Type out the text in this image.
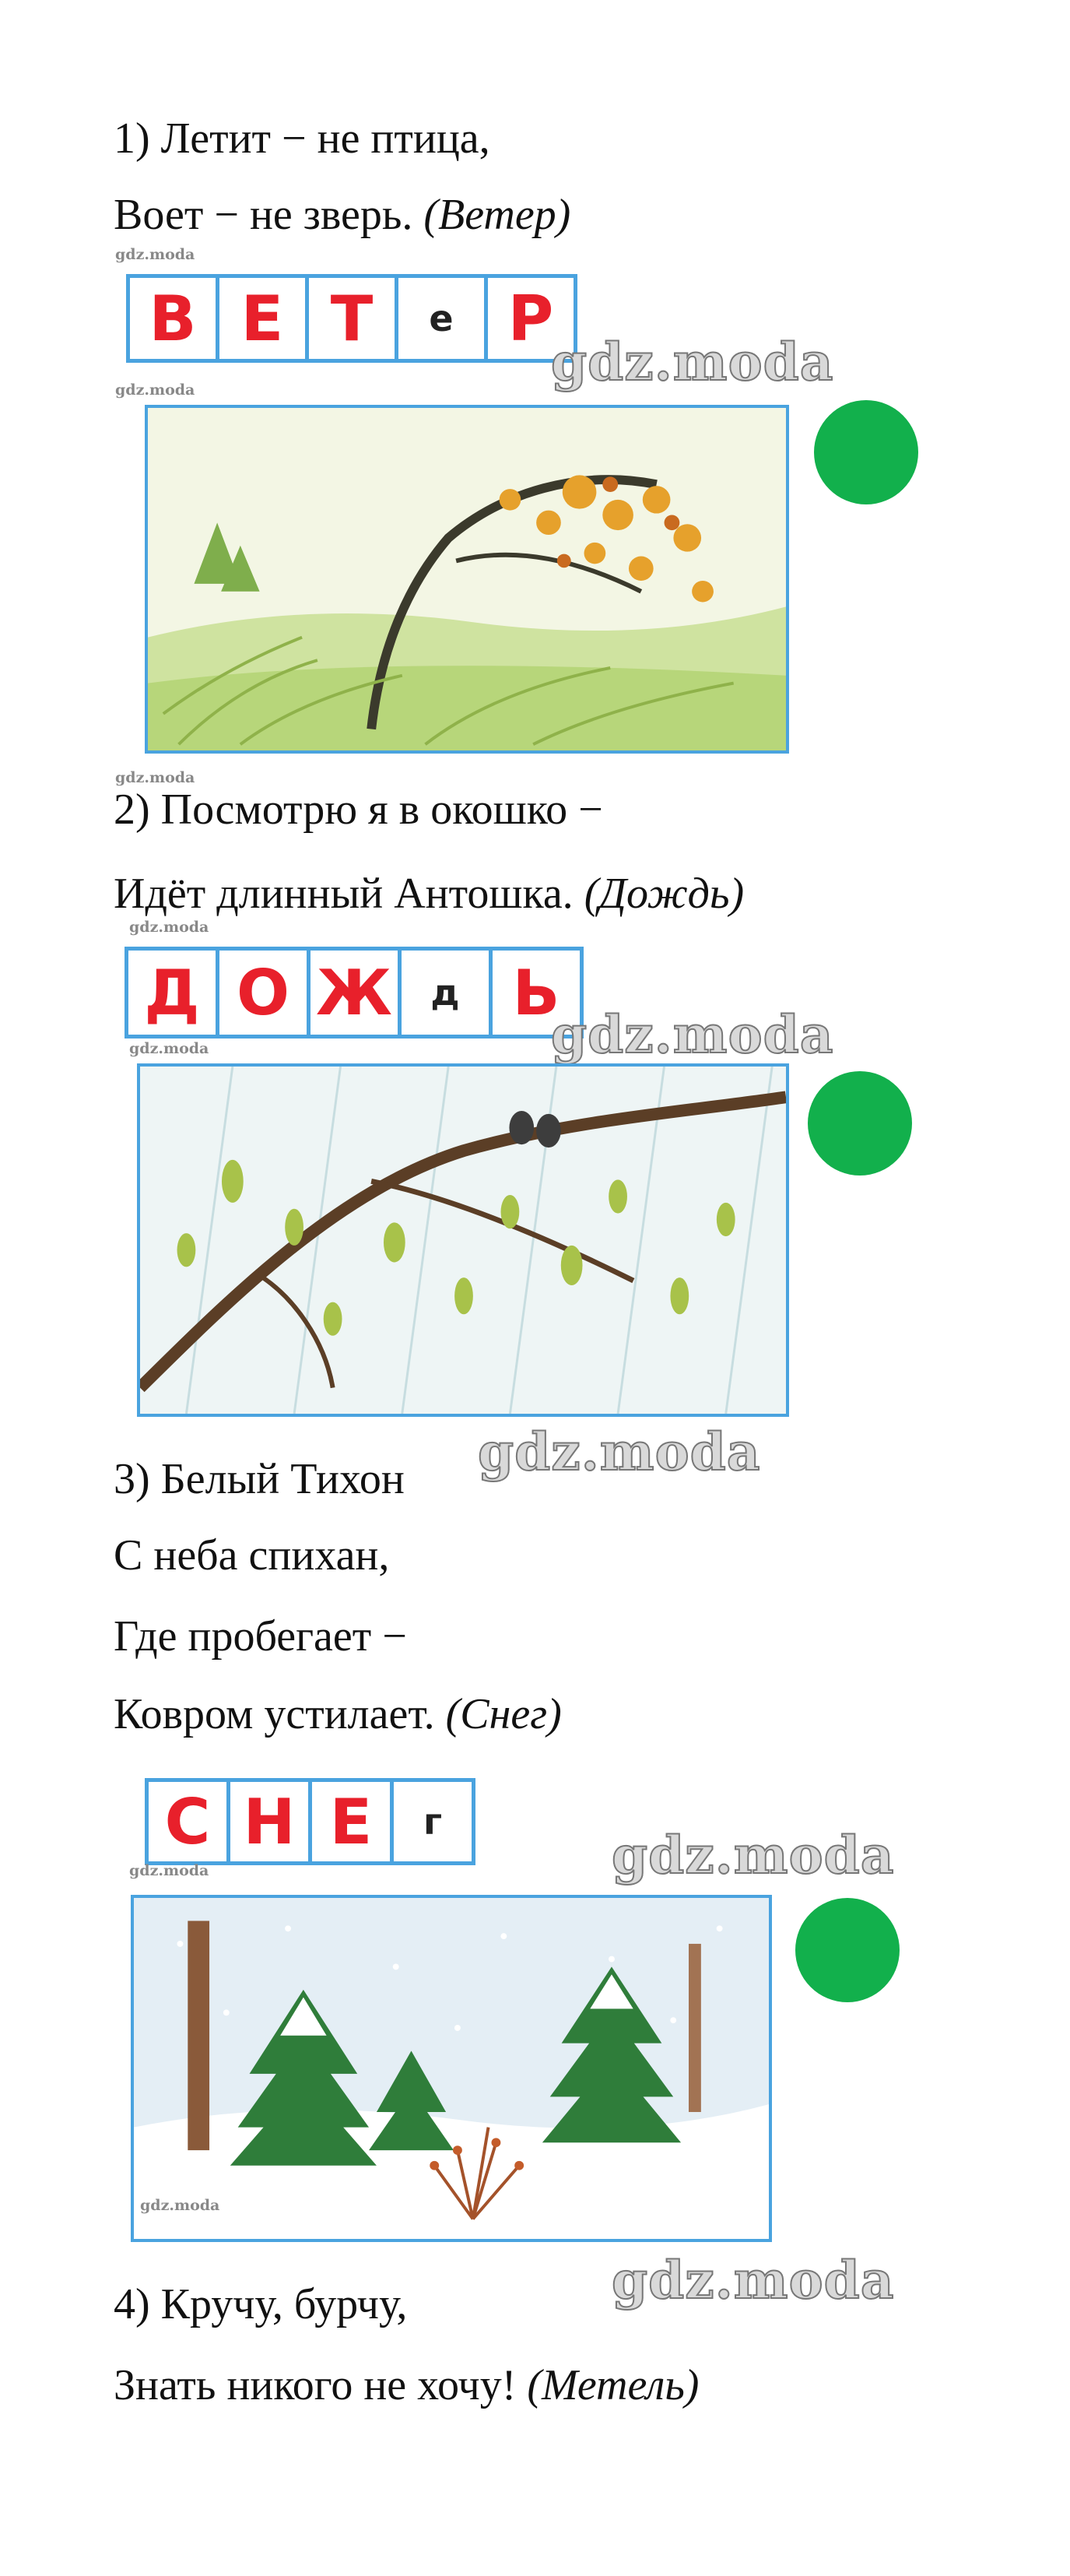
1) Летит − не птица,
Воет − не зверь. (Ветер)
gdz.moda
В Е Т	е Р
gdz.moda
gdz.moda
gdz.moda
2) Посмотрю я в окошко −
Идёт длинный Антошка. (Дождь)
gdz.moda
Д О Ж	д Ь
gdz.moda
gdz.moda
3) Белый Тихон gdz.moda
С неба спихан,
Где пробегает −
Ковром устилает. (Снег)
С Н Е	г
gdz.moda	gdz.moda
gdz.moda
gdz.moda
4) Кручу, бурчу,
Знать никого не хочу! (Метель)
